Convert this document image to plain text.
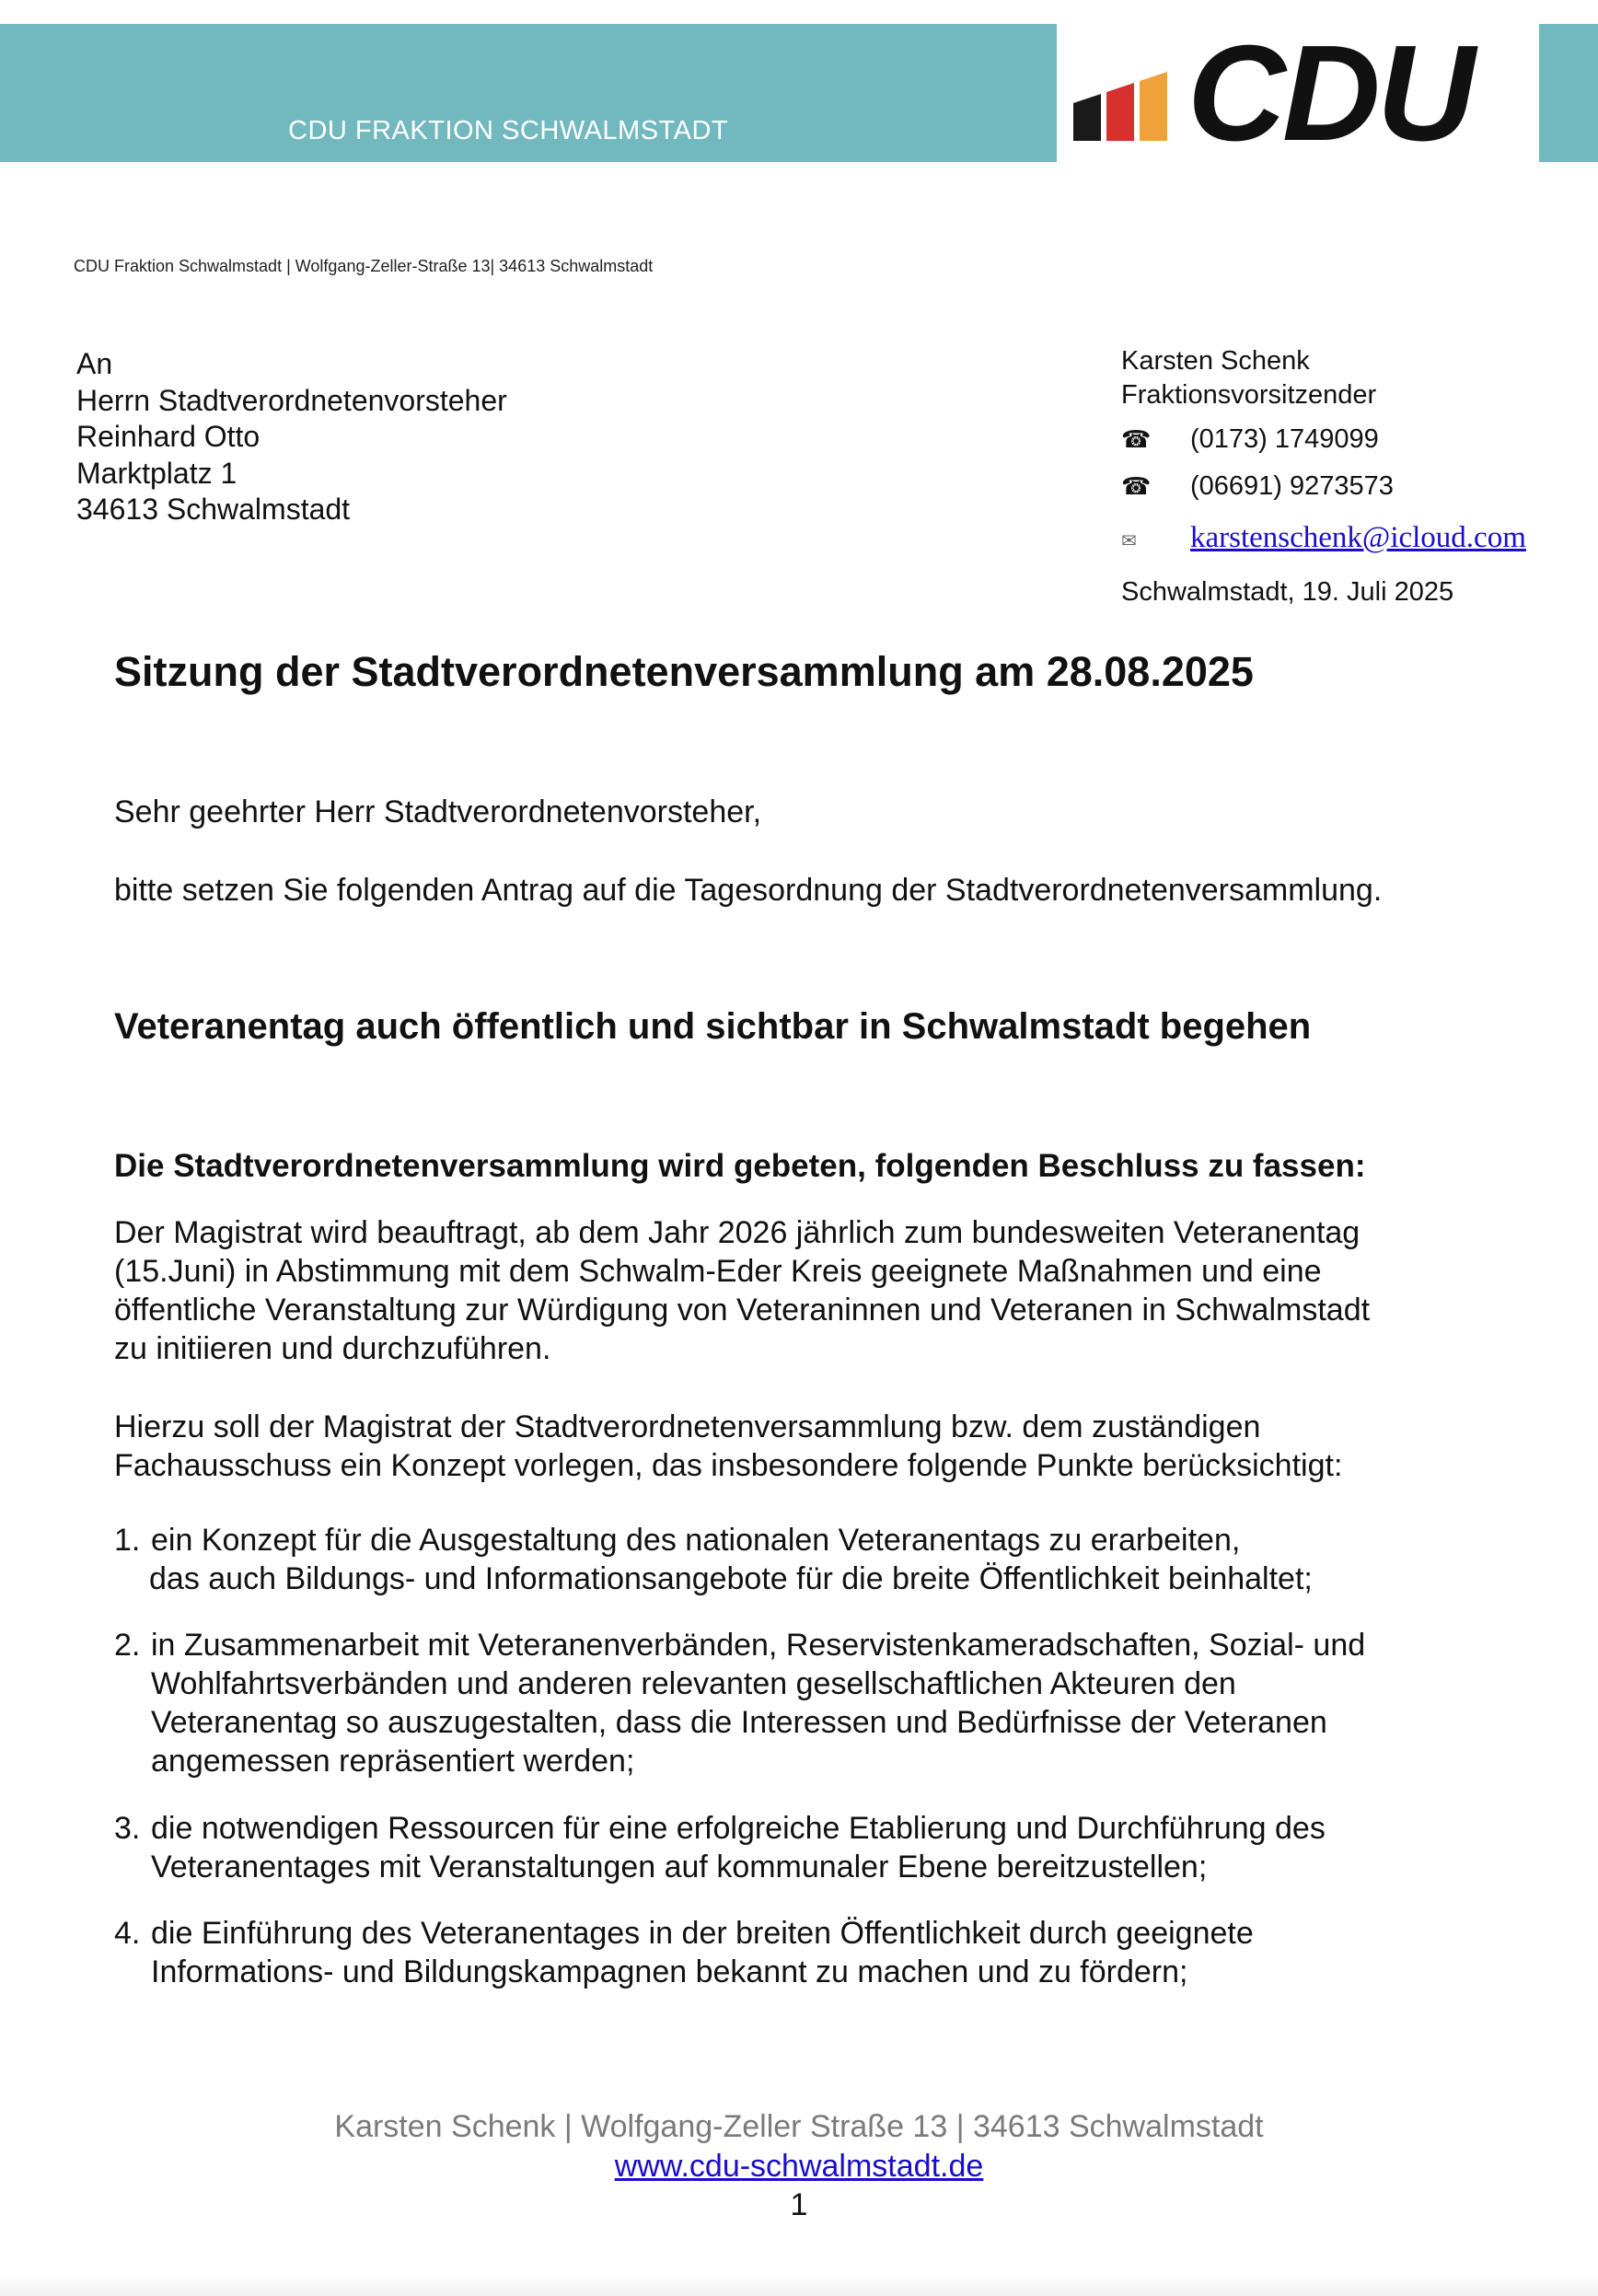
CDU FRAKTION SCHWALMSTADT	CDU
CDU Fraktion Schwalmstadt | Wolfgang-Zeller-Straße 13| 34613 Schwalmstadt
An
Herrn Stadtverordnetenvorsteher
Reinhard Otto
Marktplatz 1
34613 Schwalmstadt
Karsten Schenk
Fraktionsvorsitzender
☎ (0173) 1749099
☎ (06691) 9273573
✉ karstenschenk@icloud.com
Schwalmstadt, 19. Juli 2025
Sitzung der Stadtverordnetenversammlung am 28.08.2025
Sehr geehrter Herr Stadtverordnetenvorsteher,
bitte setzen Sie folgenden Antrag auf die Tagesordnung der Stadtverordnetenversammlung.
Veteranentag auch öffentlich und sichtbar in Schwalmstadt begehen
Die Stadtverordnetenversammlung wird gebeten, folgenden Beschluss zu fassen:
Der Magistrat wird beauftragt, ab dem Jahr 2026 jährlich zum bundesweiten Veteranentag
(15.Juni) in Abstimmung mit dem Schwalm-Eder Kreis geeignete Maßnahmen und eine
öffentliche Veranstaltung zur Würdigung von Veteraninnen und Veteranen in Schwalmstadt
zu initiieren und durchzuführen.
Hierzu soll der Magistrat der Stadtverordnetenversammlung bzw. dem zuständigen
Fachausschuss ein Konzept vorlegen, das insbesondere folgende Punkte berücksichtigt:
1. ein Konzept für die Ausgestaltung des nationalen Veteranentags zu erarbeiten,
das auch Bildungs- und Informationsangebote für die breite Öffentlichkeit beinhaltet;
2. in Zusammenarbeit mit Veteranenverbänden, Reservistenkameradschaften, Sozial- und
Wohlfahrtsverbänden und anderen relevanten gesellschaftlichen Akteuren den
Veteranentag so auszugestalten, dass die Interessen und Bedürfnisse der Veteranen
angemessen repräsentiert werden;
3. die notwendigen Ressourcen für eine erfolgreiche Etablierung und Durchführung des
Veteranentages mit Veranstaltungen auf kommunaler Ebene bereitzustellen;
4. die Einführung des Veteranentages in der breiten Öffentlichkeit durch geeignete
Informations- und Bildungskampagnen bekannt zu machen und zu fördern;
Karsten Schenk | Wolfgang-Zeller Straße 13 | 34613 Schwalmstadt
www.cdu-schwalmstadt.de
1
